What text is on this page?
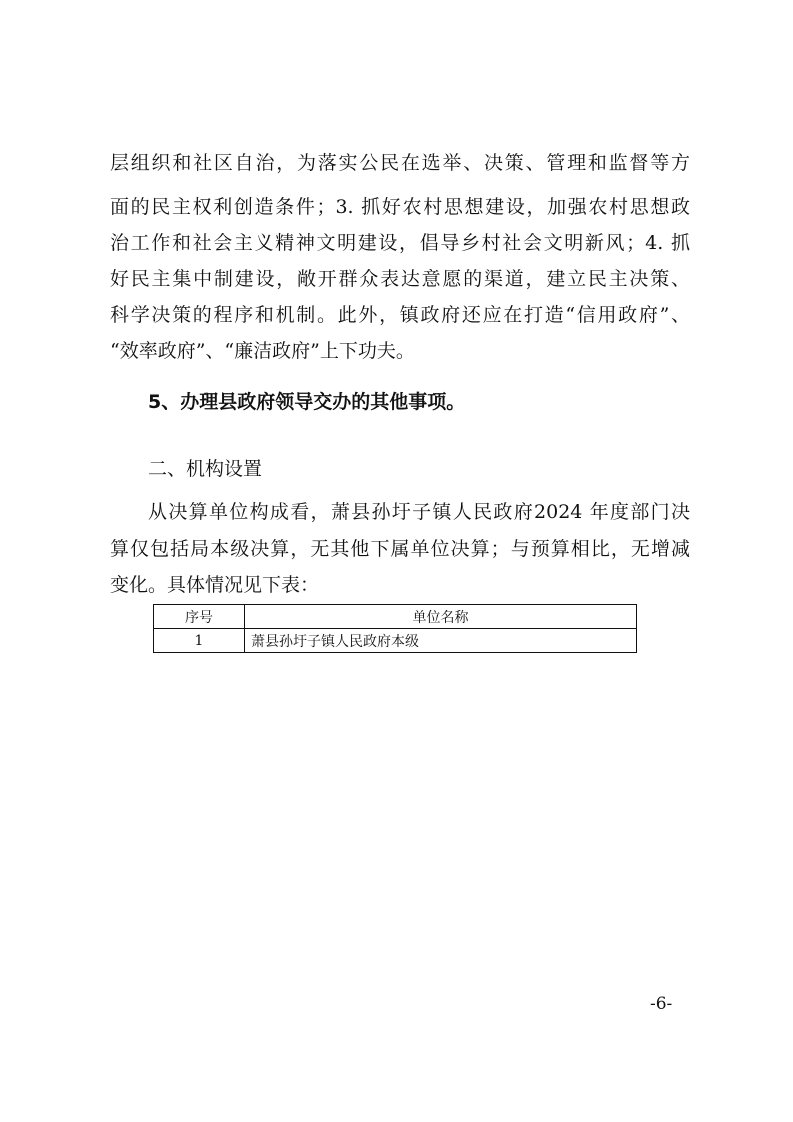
层组织和社区自治，为落实公民在选举、决策、管理和监督等方
面的民主权利创造条件；3. 抓好农村思想建设，加强农村思想政
治工作和社会主义精神文明建设，倡导乡村社会文明新风；4. 抓
好民主集中制建设，敞开群众表达意愿的渠道，建立民主决策、
科学决策的程序和机制。此外，镇政府还应在打造“信用政府”、
“效率政府”、“廉洁政府”上下功夫。
5、办理县政府领导交办的其他事项。
二、机构设置
从决算单位构成看，萧县孙圩子镇人民政府2024 年度部门决
算仅包括局本级决算，无其他下属单位决算；与预算相比，无增减
变化。具体情况见下表：
序号	单位名称
1	萧县孙圩子镇人民政府本级
-6-
